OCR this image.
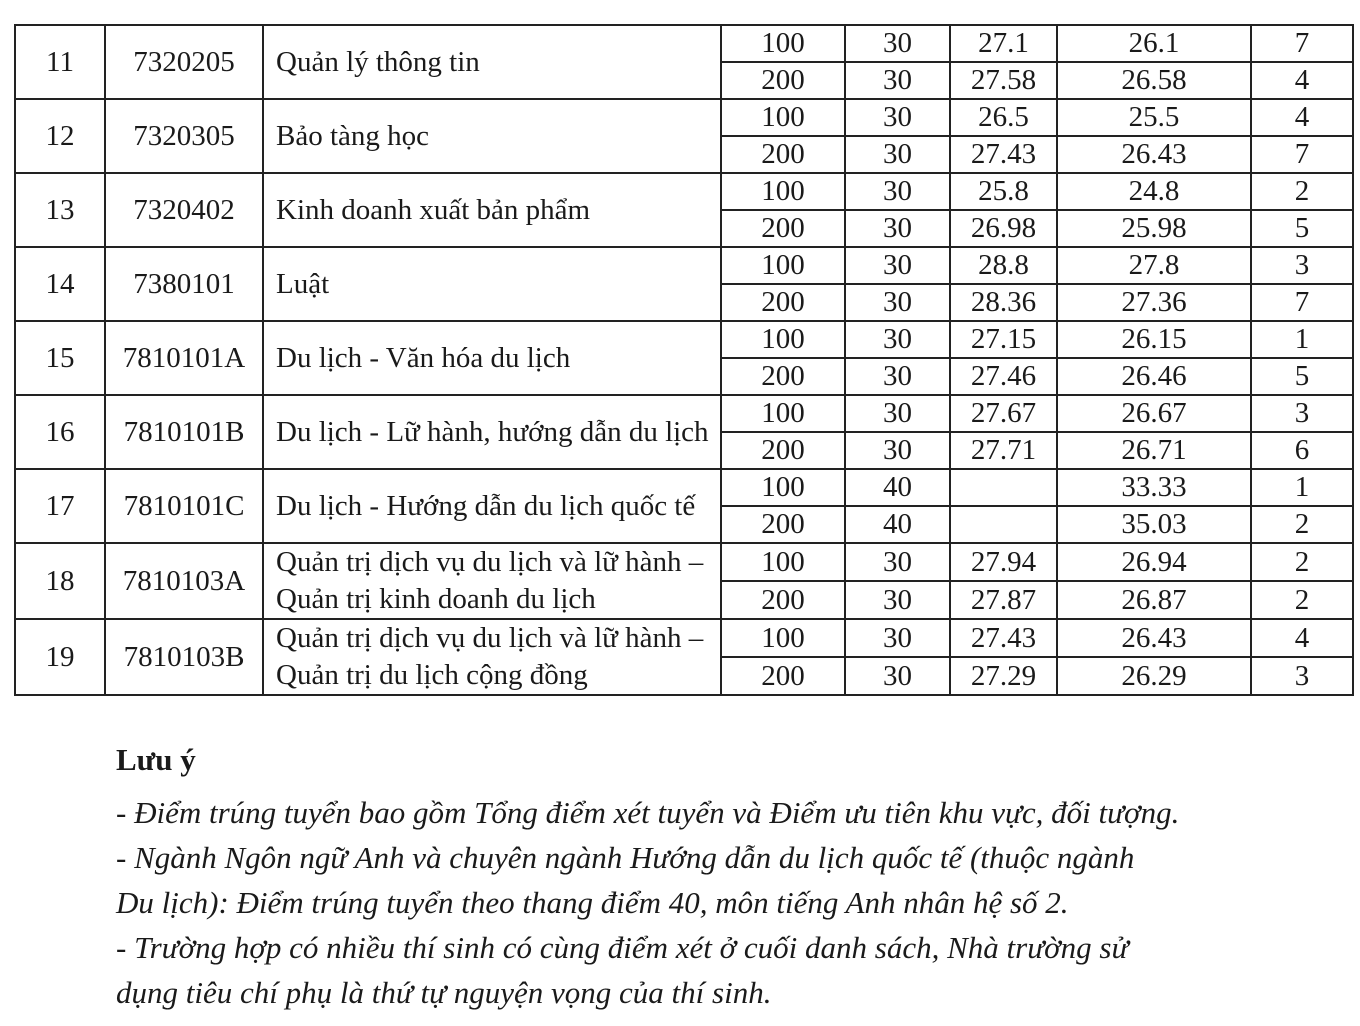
11	7320205	Quản lý thông tin	100	30	27.1	26.1	7
			200	30	27.58	26.58	4
12	7320305	Bảo tàng học	100	30	26.5	25.5	4
			200	30	27.43	26.43	7
13	7320402	Kinh doanh xuất bản phẩm	100	30	25.8	24.8	2
			200	30	26.98	25.98	5
14	7380101	Luật	100	30	28.8	27.8	3
			200	30	28.36	27.36	7
15	7810101A	Du lịch - Văn hóa du lịch	100	30	27.15	26.15	1
			200	30	27.46	26.46	5
16	7810101B	Du lịch - Lữ hành, hướng dẫn du lịch	100	30	27.67	26.67	3
			200	30	27.71	26.71	6
17	7810101C	Du lịch - Hướng dẫn du lịch quốc tế	100	40		33.33	1
			200	40		35.03	2
18	7810103A	Quản trị dịch vụ du lịch và lữ hành – Quản trị kinh doanh du lịch	100	30	27.94	26.94	2
			200	30	27.87	26.87	2
19	7810103B	Quản trị dịch vụ du lịch và lữ hành – Quản trị du lịch cộng đồng	100	30	27.43	26.43	4
			200	30	27.29	26.29	3

Lưu ý

- Điểm trúng tuyển bao gồm Tổng điểm xét tuyển và Điểm ưu tiên khu vực, đối tượng.

- Ngành Ngôn ngữ Anh và chuyên ngành Hướng dẫn du lịch quốc tế (thuộc ngành

Du lịch): Điểm trúng tuyển theo thang điểm 40, môn tiếng Anh nhân hệ số 2.

- Trường hợp có nhiều thí sinh có cùng điểm xét ở cuối danh sách, Nhà trường sử

dụng tiêu chí phụ là thứ tự nguyện vọng của thí sinh.
